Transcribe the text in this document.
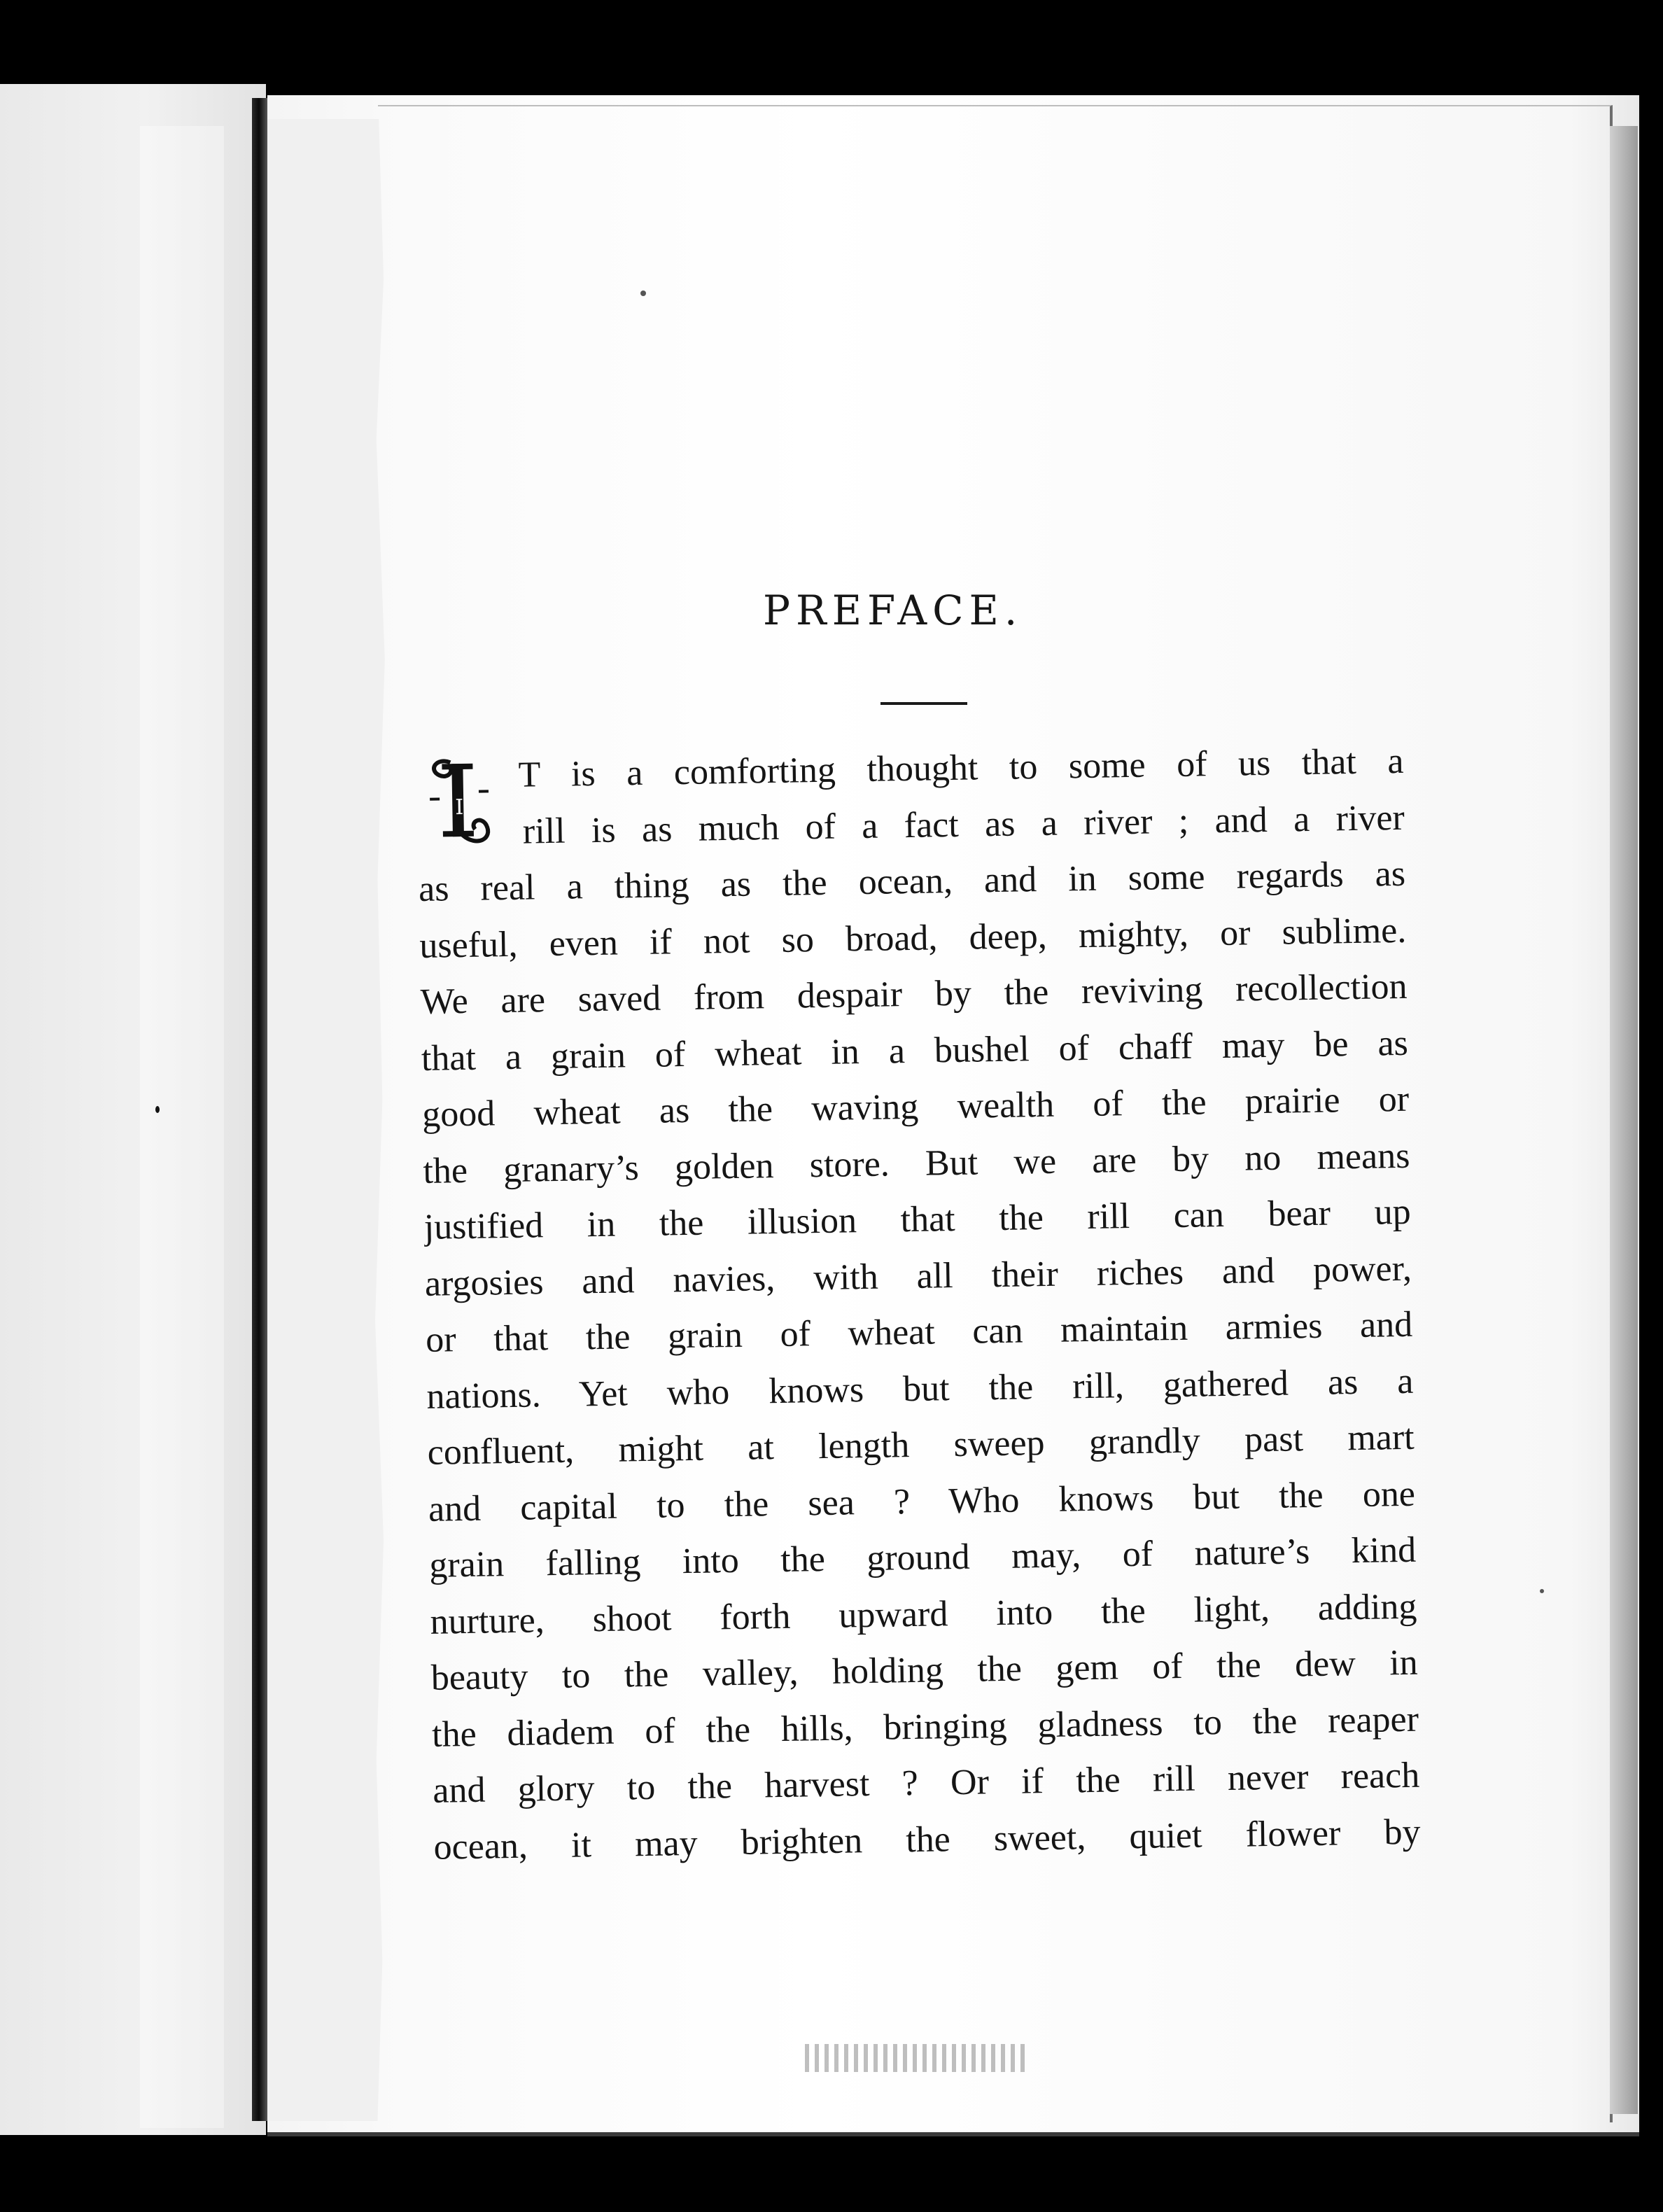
PREFACE.
I
T is a comforting thought to some of us that a
rill is as much of a fact as a river ; and a river
as real a thing as the ocean, and in some regards as
useful, even if not so broad, deep, mighty, or sublime.
We are saved from despair by the reviving recollection
that a grain of wheat in a bushel of chaff may be as
good wheat as the waving wealth of the prairie or
the granary’s golden store. But we are by no means
justified in the illusion that the rill can bear up
argosies and navies, with all their riches and power,
or that the grain of wheat can maintain armies and
nations. Yet who knows but the rill, gathered as a
confluent, might at length sweep grandly past mart
and capital to the sea ? Who knows but the one
grain falling into the ground may, of nature’s kind
nurture, shoot forth upward into the light, adding
beauty to the valley, holding the gem of the dew in
the diadem of the hills, bringing gladness to the reaper
and glory to the harvest ? Or if the rill never reach
ocean, it may brighten the sweet, quiet flower by
